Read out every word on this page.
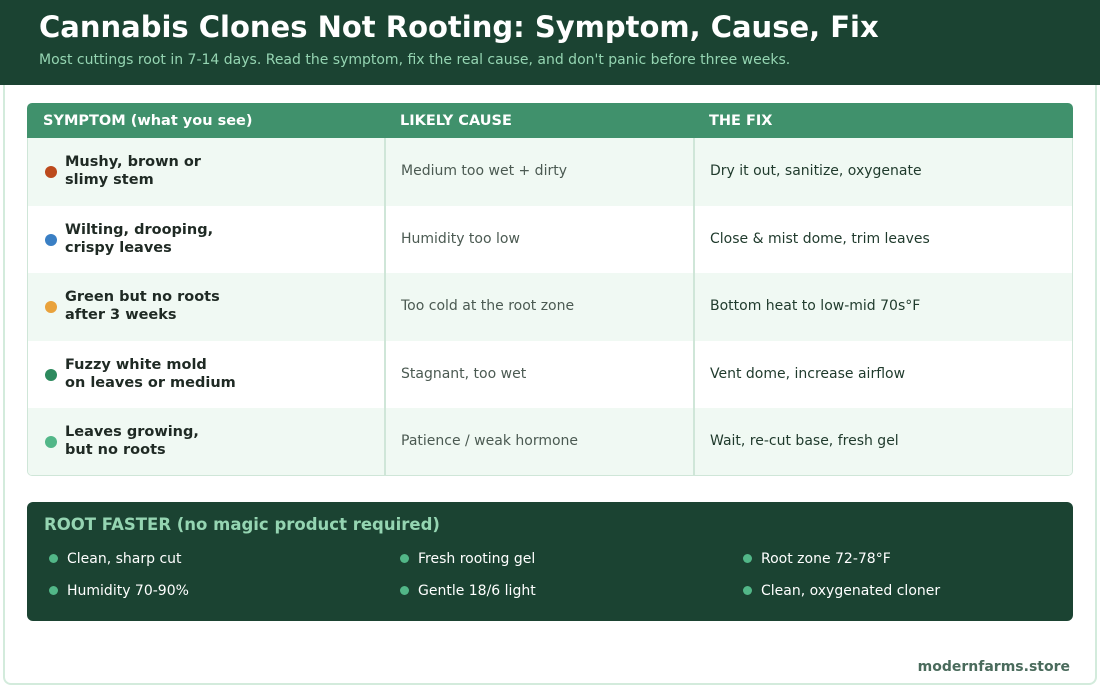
Cannabis Clones Not Rooting: Symptom, Cause, Fix
Most cuttings root in 7-14 days. Read the symptom, fix the real cause, and don't panic before three weeks.
SYMPTOM (what you see)	LIKELY CAUSE	THE FIX
Mushy, brown or
slimy stem
Medium too wet + dirty	Dry it out, sanitize, oxygenate
Wilting, drooping,
crispy leaves
Humidity too low	Close & mist dome, trim leaves
Green but no roots
after 3 weeks
Too cold at the root zone	Bottom heat to low-mid 70s°F
Fuzzy white mold
on leaves or medium
Stagnant, too wet	Vent dome, increase airflow
Leaves growing,
but no roots
Patience / weak hormone	Wait, re-cut base, fresh gel
ROOT FASTER (no magic product required)
Clean, sharp cut	Fresh rooting gel	Root zone 72-78°F
Humidity 70-90%	Gentle 18/6 light	Clean, oxygenated cloner
modernfarms.store
